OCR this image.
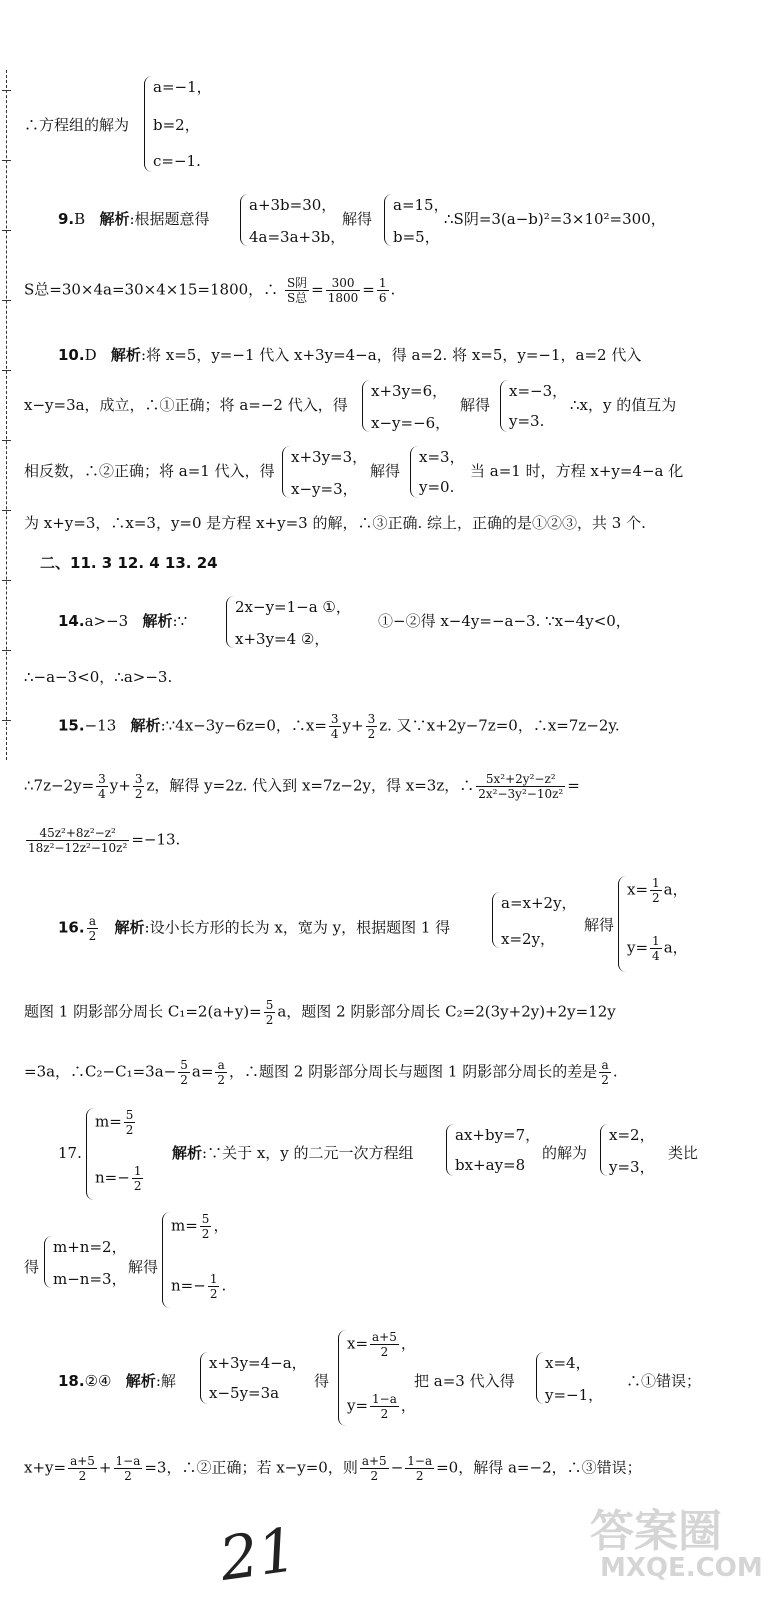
∴方程组的解为
a=−1，
b=2，
c=−1.
9.B 解析:根据题意得
a+3b=30，
4a=3a+3b，
解得
a=15，
b=5，
∴S阴=3(a−b)²=3×10²=300，
S总=30×4a=30×4×15=1800，∴ $\frac{\text{S阴}}{\text{S总}} = \frac{300}{1800} = \frac{1}{6}$ .
10.D 解析:将 x=5，y=−1 代入 x+3y=4−a，得 a=2. 将 x=5，y=−1，a=2 代入
x−y=3a，成立，∴①正确；将 a=−2 代入，得
x+3y=6，
x−y=−6，
解得
x=−3，
y=3.
∴x，y 的值互为
相反数，∴②正确；将 a=1 代入，得
x+3y=3，
x−y=3，
解得
x=3，
y=0.
当 a=1 时，方程 x+y=4−a 化
为 x+y=3，∴x=3，y=0 是方程 x+y=3 的解，∴③正确. 综上，正确的是①②③，共 3 个.
二、11. 3 12. 4 13. 24
14.a>−3 解析:∵
2x−y=1−a ①，
x+3y=4 ②，
①−②得 x−4y=−a−3. ∵x−4y<0，
∴−a−3<0，∴a>−3.
15.−13 解析:∵4x−3y−6z=0，∴x= $\frac{3}{4} y+ \frac{3}{2} z$. 又∵x+2y−7z=0，∴x=7z−2y.
∴7z−2y= $\frac{3}{4} y+ \frac{3}{2}$ z，解得 y=2z. 代入到 x=7z−2y，得 x=3z，∴ $\frac{\text{5x²+2y²−z²}}{\text{2x²−3y²−10z²}}$ =
$\frac{\text{45z²+8z²−z²}}{\text{18z²−12z²−10z²}} =-13$.
16. $\frac{a}{2}$ 解析:设小长方形的长为 x，宽为 y，根据题图 1 得
a=x+2y，
x=2y，
解得
$x= \frac{1}{2}$ a，
$y= \frac{1}{4}$ a，
题图 1 阴影部分周长 $C_1=2(a+y)= \frac{5}{2}$ a，题图 2 阴影部分周长 C₂=2(3y+2y)+2y=12y
=3a，∴C₂−C₁=3a− $\frac{5}{2} a= \frac{a}{2}$ ，∴题图 2 阴影部分周长与题图 1 阴影部分周长的差是 $\frac{a}{2}$ .
17.
$m= \frac{5}{2}$
$n=- \frac{1}{2}$
解析:∵关于 x，y 的二元一次方程组
ax+by=7，
bx+ay=8
的解为
x=2，
y=3，
类比
得
m+n=2，
m−n=3，
解得
$m= \frac{5}{2}$ ，
$n=- \frac{1}{2}$ .
18.②④ 解析:解
x+3y=4−a，
x−5y=3a
得
$x= \frac{a+5}{2}$ ，
$y= \frac{1-a}{2}$ ，
把 a=3 代入得
x=4，
y=−1，
∴①错误；
$x+y= \frac{a+5}{2} + \frac{1-a}{2} =3$，∴②正确；若 x−y=0，则 $\frac{a+5}{2} - \frac{1-a}{2} =0$，解得 a=−2，∴③错误；
21	答案圈
MXQE.COM
